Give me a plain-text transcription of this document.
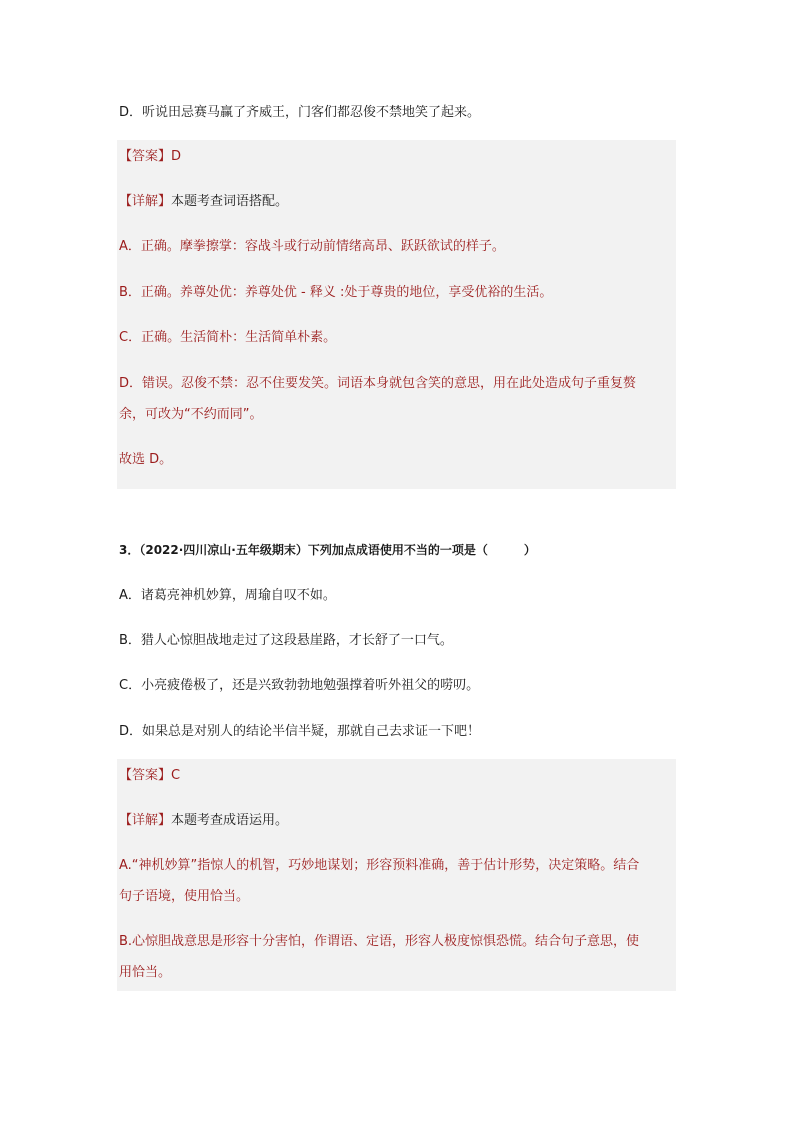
D．听说田忌赛马赢了齐威王，门客们都忍俊不禁地笑了起来。
【答案】D
【详解】本题考查词语搭配。
A．正确。摩拳擦掌：容战斗或行动前情绪高昂、跃跃欲试的样子。
B．正确。养尊处优：养尊处优 - 释义 :处于尊贵的地位，享受优裕的生活。
C．正确。生活简朴：生活简单朴素。
D．错误。忍俊不禁：忍不住要发笑。词语本身就包含笑的意思，用在此处造成句子重复赘
余，可改为“不约而同”。
故选 D。
3．（2022·四川凉山·五年级期末）下列加点成语使用不当的一项是（　　　）
A．诸葛亮神机妙算，周瑜自叹不如。
B．猎人心惊胆战地走过了这段悬崖路，才长舒了一口气。
C．小亮疲倦极了，还是兴致勃勃地勉强撑着听外祖父的唠叨。
D．如果总是对别人的结论半信半疑，那就自己去求证一下吧！
【答案】C
【详解】本题考查成语运用。
A.“神机妙算”指惊人的机智，巧妙地谋划；形容预料准确，善于估计形势，决定策略。结合
句子语境，使用恰当。
B.心惊胆战意思是形容十分害怕，作谓语、定语，形容人极度惊惧恐慌。结合句子意思，使
用恰当。
